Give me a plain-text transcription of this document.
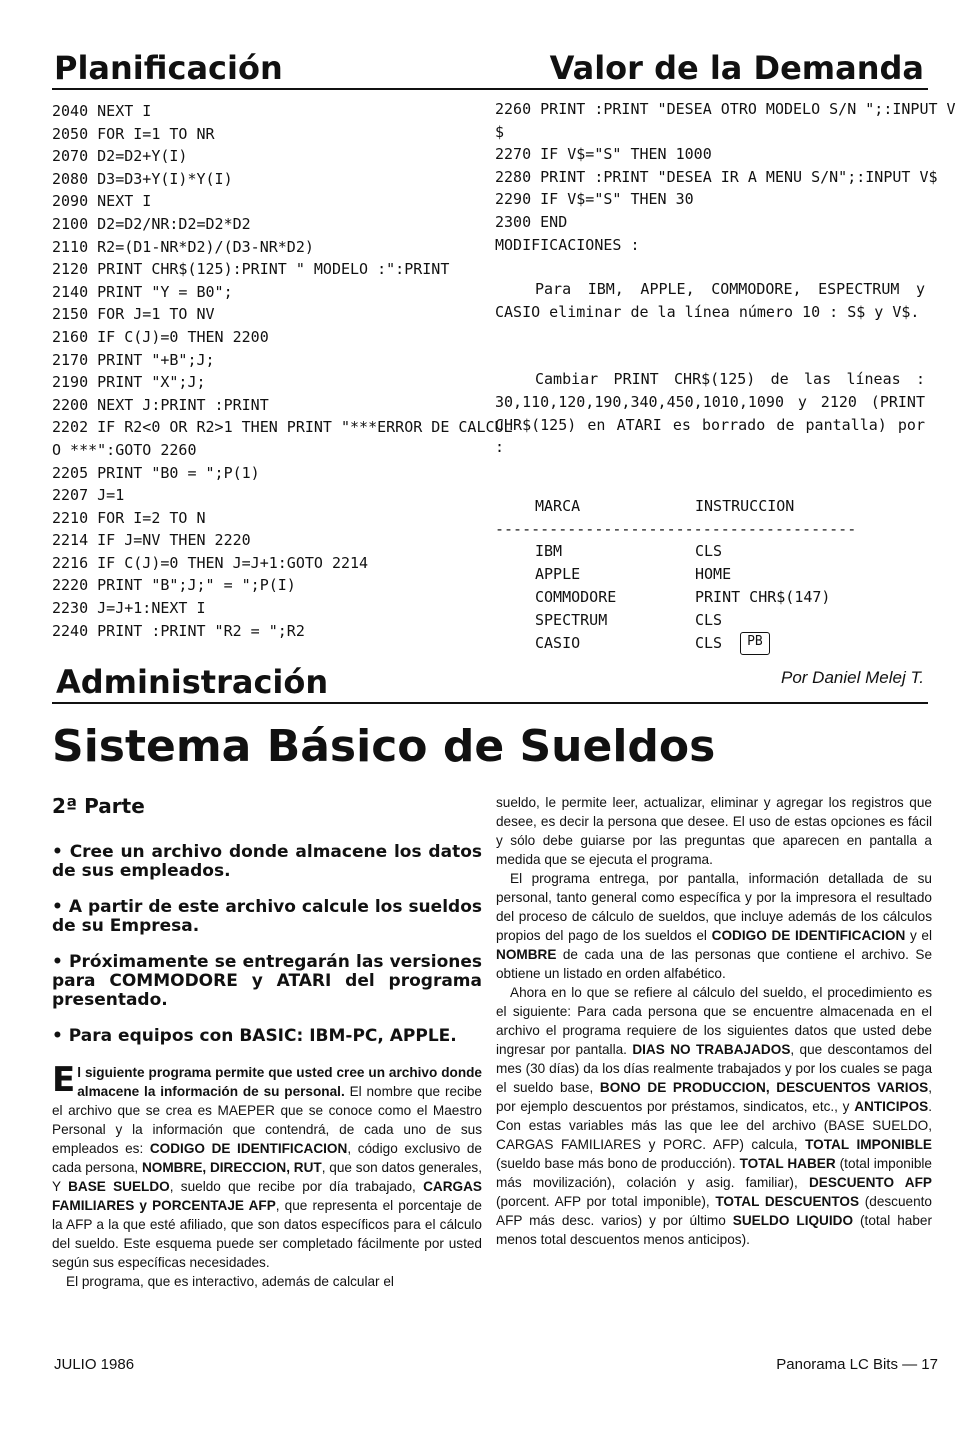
Planificación	Valor de la Demanda
2040 NEXT I
2050 FOR I=1 TO NR
2070 D2=D2+Y(I)
2080 D3=D3+Y(I)*Y(I)
2090 NEXT I
2100 D2=D2/NR:D2=D2*D2
2110 R2=(D1-NR*D2)/(D3-NR*D2)
2120 PRINT CHR$(125):PRINT " MODELO :":PRINT
2140 PRINT "Y = B0";
2150 FOR J=1 TO NV
2160 IF C(J)=0 THEN 2200
2170 PRINT "+B";J;
2190 PRINT "X";J;
2200 NEXT J:PRINT :PRINT
2202 IF R2<0 OR R2>1 THEN PRINT "***ERROR DE CALCUL
O ***":GOTO 2260
2205 PRINT "B0 = ";P(1)
2207 J=1
2210 FOR I=2 TO N
2214 IF J=NV THEN 2220
2216 IF C(J)=0 THEN J=J+1:GOTO 2214
2220 PRINT "B";J;" = ";P(I)
2230 J=J+1:NEXT I
2240 PRINT :PRINT "R2 = ";R2
2260 PRINT :PRINT "DESEA OTRO MODELO S/N ";:INPUT V
$
2270 IF V$="S" THEN 1000
2280 PRINT :PRINT "DESEA IR A MENU S/N";:INPUT V$
2290 IF V$="S" THEN 30
2300 END
MODIFICACIONES :

Para IBM, APPLE, COMMODORE, ESPECTRUM y CASIO eliminar de la línea número 10 : S$ y V$.

Cambiar PRINT CHR$(125) de las líneas : 30,110,120,190,340,450,1010,1090 y 2120 (PRINT CHR$(125) en ATARI es borrado de pantalla) por :

MARCA	INSTRUCCION
----------------------------------------
IBM	CLS
APPLE	HOME
COMMODORE	PRINT CHR$(147)
SPECTRUM	CLS
CASIO	CLS	PB
Administración	Por Daniel Melej T.
Sistema Básico de Sueldos
2ª Parte

• Cree un archivo donde almacene los datos de sus empleados.

• A partir de este archivo calcule los sueldos de su Empresa.

• Próximamente se entregarán las versiones para COMMODORE y ATARI del programa presentado.

• Para equipos con BASIC: IBM-PC, APPLE.

El siguiente programa permite que usted cree un archivo donde almacene la información de su personal. El nombre que recibe el archivo que se crea es MAEPER que se conoce como el Maestro Personal y la información que contendrá, de cada uno de sus empleados es: CODIGO DE IDENTIFICACION, código exclusivo de cada persona, NOMBRE, DIRECCION, RUT, que son datos generales, Y BASE SUELDO, sueldo que recibe por día trabajado, CARGAS FAMILIARES y PORCENTAJE AFP, que representa el porcentaje de la AFP a la que esté afiliado, que son datos específicos para el cálculo del sueldo. Este esquema puede ser completado fácilmente por usted según sus específicas necesidades.

El programa, que es interactivo, además de calcular el

sueldo, le permite leer, actualizar, eliminar y agregar los registros que desee, es decir la persona que desee. El uso de estas opciones es fácil y sólo debe guiarse por las preguntas que aparecen en pantalla a medida que se ejecuta el programa.

El programa entrega, por pantalla, información detallada de su personal, tanto general como específica y por la impresora el resultado del proceso de cálculo de sueldos, que incluye además de los cálculos propios del pago de los sueldos el CODIGO DE IDENTIFICACION y el NOMBRE de cada una de las personas que contiene el archivo. Se obtiene un listado en orden alfabético.

Ahora en lo que se refiere al cálculo del sueldo, el procedimiento es el siguiente: Para cada persona que se encuentre almacenada en el archivo el programa requiere de los siguientes datos que usted debe ingresar por pantalla. DIAS NO TRABAJADOS, que descontamos del mes (30 días) da los días realmente trabajados y por los cuales se paga el sueldo base, BONO DE PRODUCCION, DESCUENTOS VARIOS, por ejemplo descuentos por préstamos, sindicatos, etc., y ANTICIPOS. Con estas variables más las que lee del archivo (BASE SUELDO, CARGAS FAMILIARES y PORC. AFP) calcula, TOTAL IMPONIBLE (sueldo base más bono de producción). TOTAL HABER (total imponible más movilización), colación y asig. familiar), DESCUENTO AFP (porcent. AFP por total imponible), TOTAL DESCUENTOS (descuento AFP más desc. varios) y por último SUELDO LIQUIDO (total haber menos total descuentos menos anticipos).

JULIO 1986	Panorama LC Bits — 17
